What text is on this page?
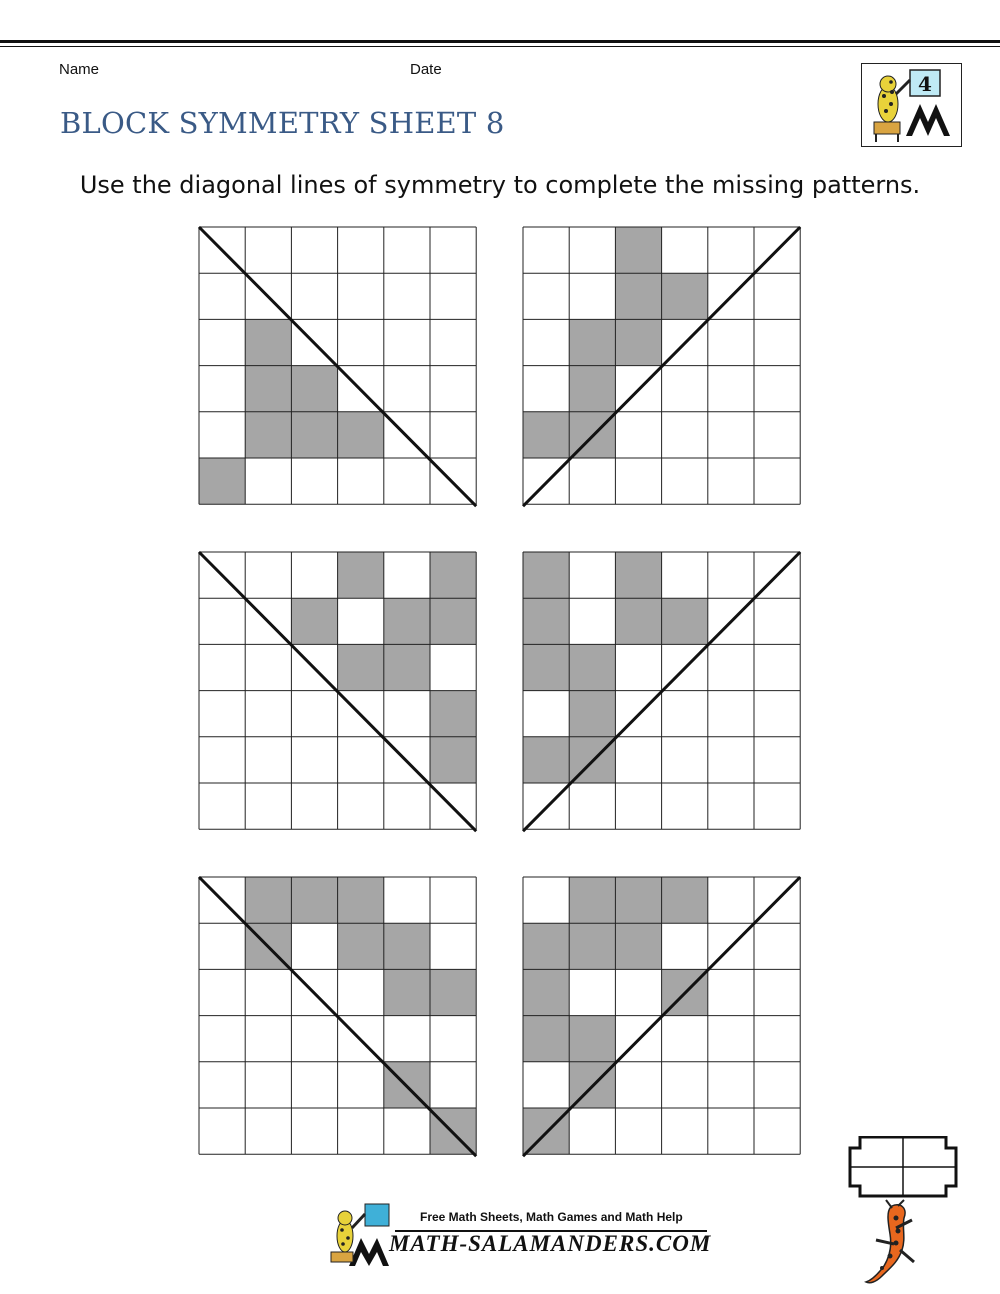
Name	Date
BLOCK SYMMETRY SHEET 8
4
Use the diagonal lines of symmetry to complete the missing patterns.
Free Math Sheets, Math Games and Math Help
MATH-SALAMANDERS.COM
